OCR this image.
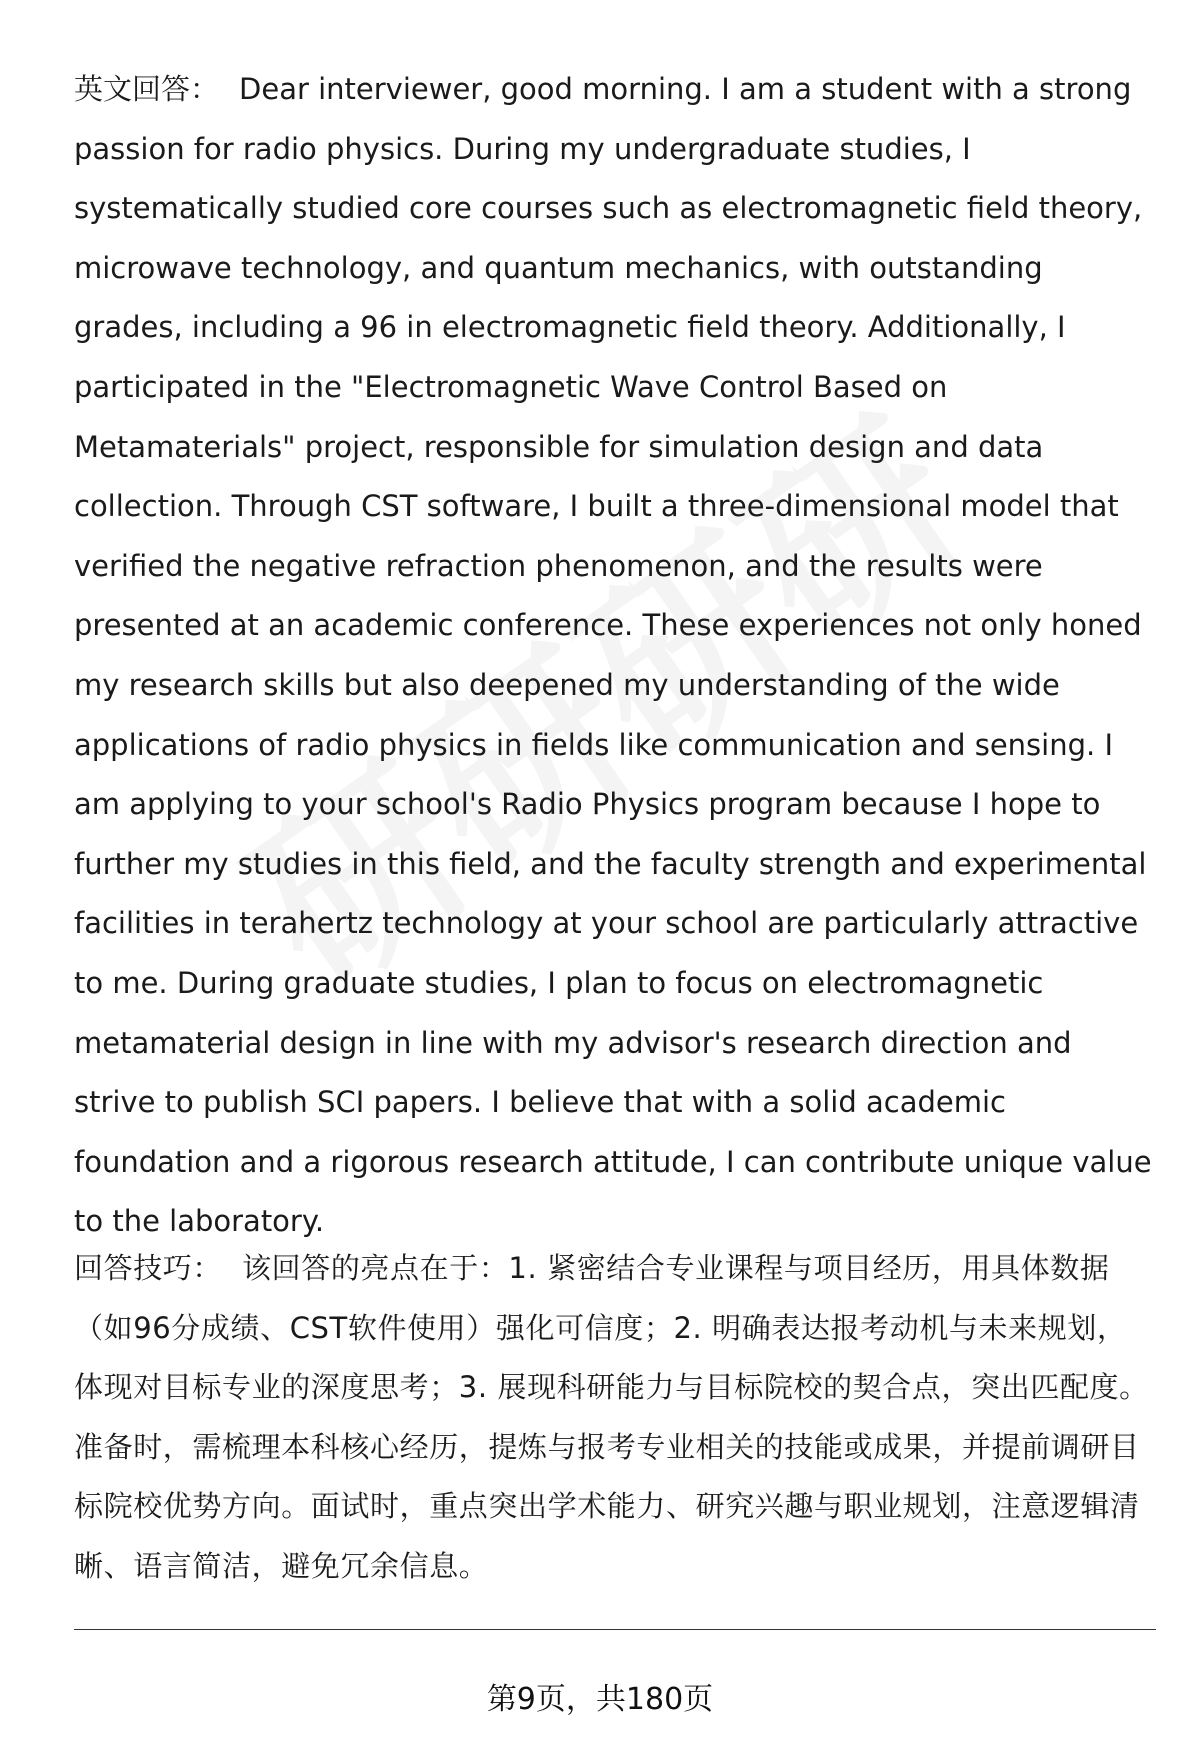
英文回答： Dear interviewer, good morning. I am a student with a strong passion for radio physics. During my undergraduate studies, I systematically studied core courses such as electromagnetic field theory, microwave technology, and quantum mechanics, with outstanding grades, including a 96 in electromagnetic field theory. Additionally, I participated in the "Electromagnetic Wave Control Based on Metamaterials" project, responsible for simulation design and data collection. Through CST software, I built a three-dimensional model that verified the negative refraction phenomenon, and the results were presented at an academic conference. These experiences not only honed my research skills but also deepened my understanding of the wide applications of radio physics in fields like communication and sensing. I am applying to your school's Radio Physics program because I hope to further my studies in this field, and the faculty strength and experimental facilities in terahertz technology at your school are particularly attractive to me. During graduate studies, I plan to focus on electromagnetic metamaterial design in line with my advisor's research direction and strive to publish SCI papers. I believe that with a solid academic foundation and a rigorous research attitude, I can contribute unique value to the laboratory.

回答技巧： 该回答的亮点在于：1. 紧密结合专业课程与项目经历，用具体数据（如96分成绩、CST软件使用）强化可信度；2. 明确表达报考动机与未来规划，体现对目标专业的深度思考；3. 展现科研能力与目标院校的契合点，突出匹配度。准备时，需梳理本科核心经历，提炼与报考专业相关的技能或成果，并提前调研目标院校优势方向。面试时，重点突出学术能力、研究兴趣与职业规划，注意逻辑清晰、语言简洁，避免冗余信息。

第9页，共180页
